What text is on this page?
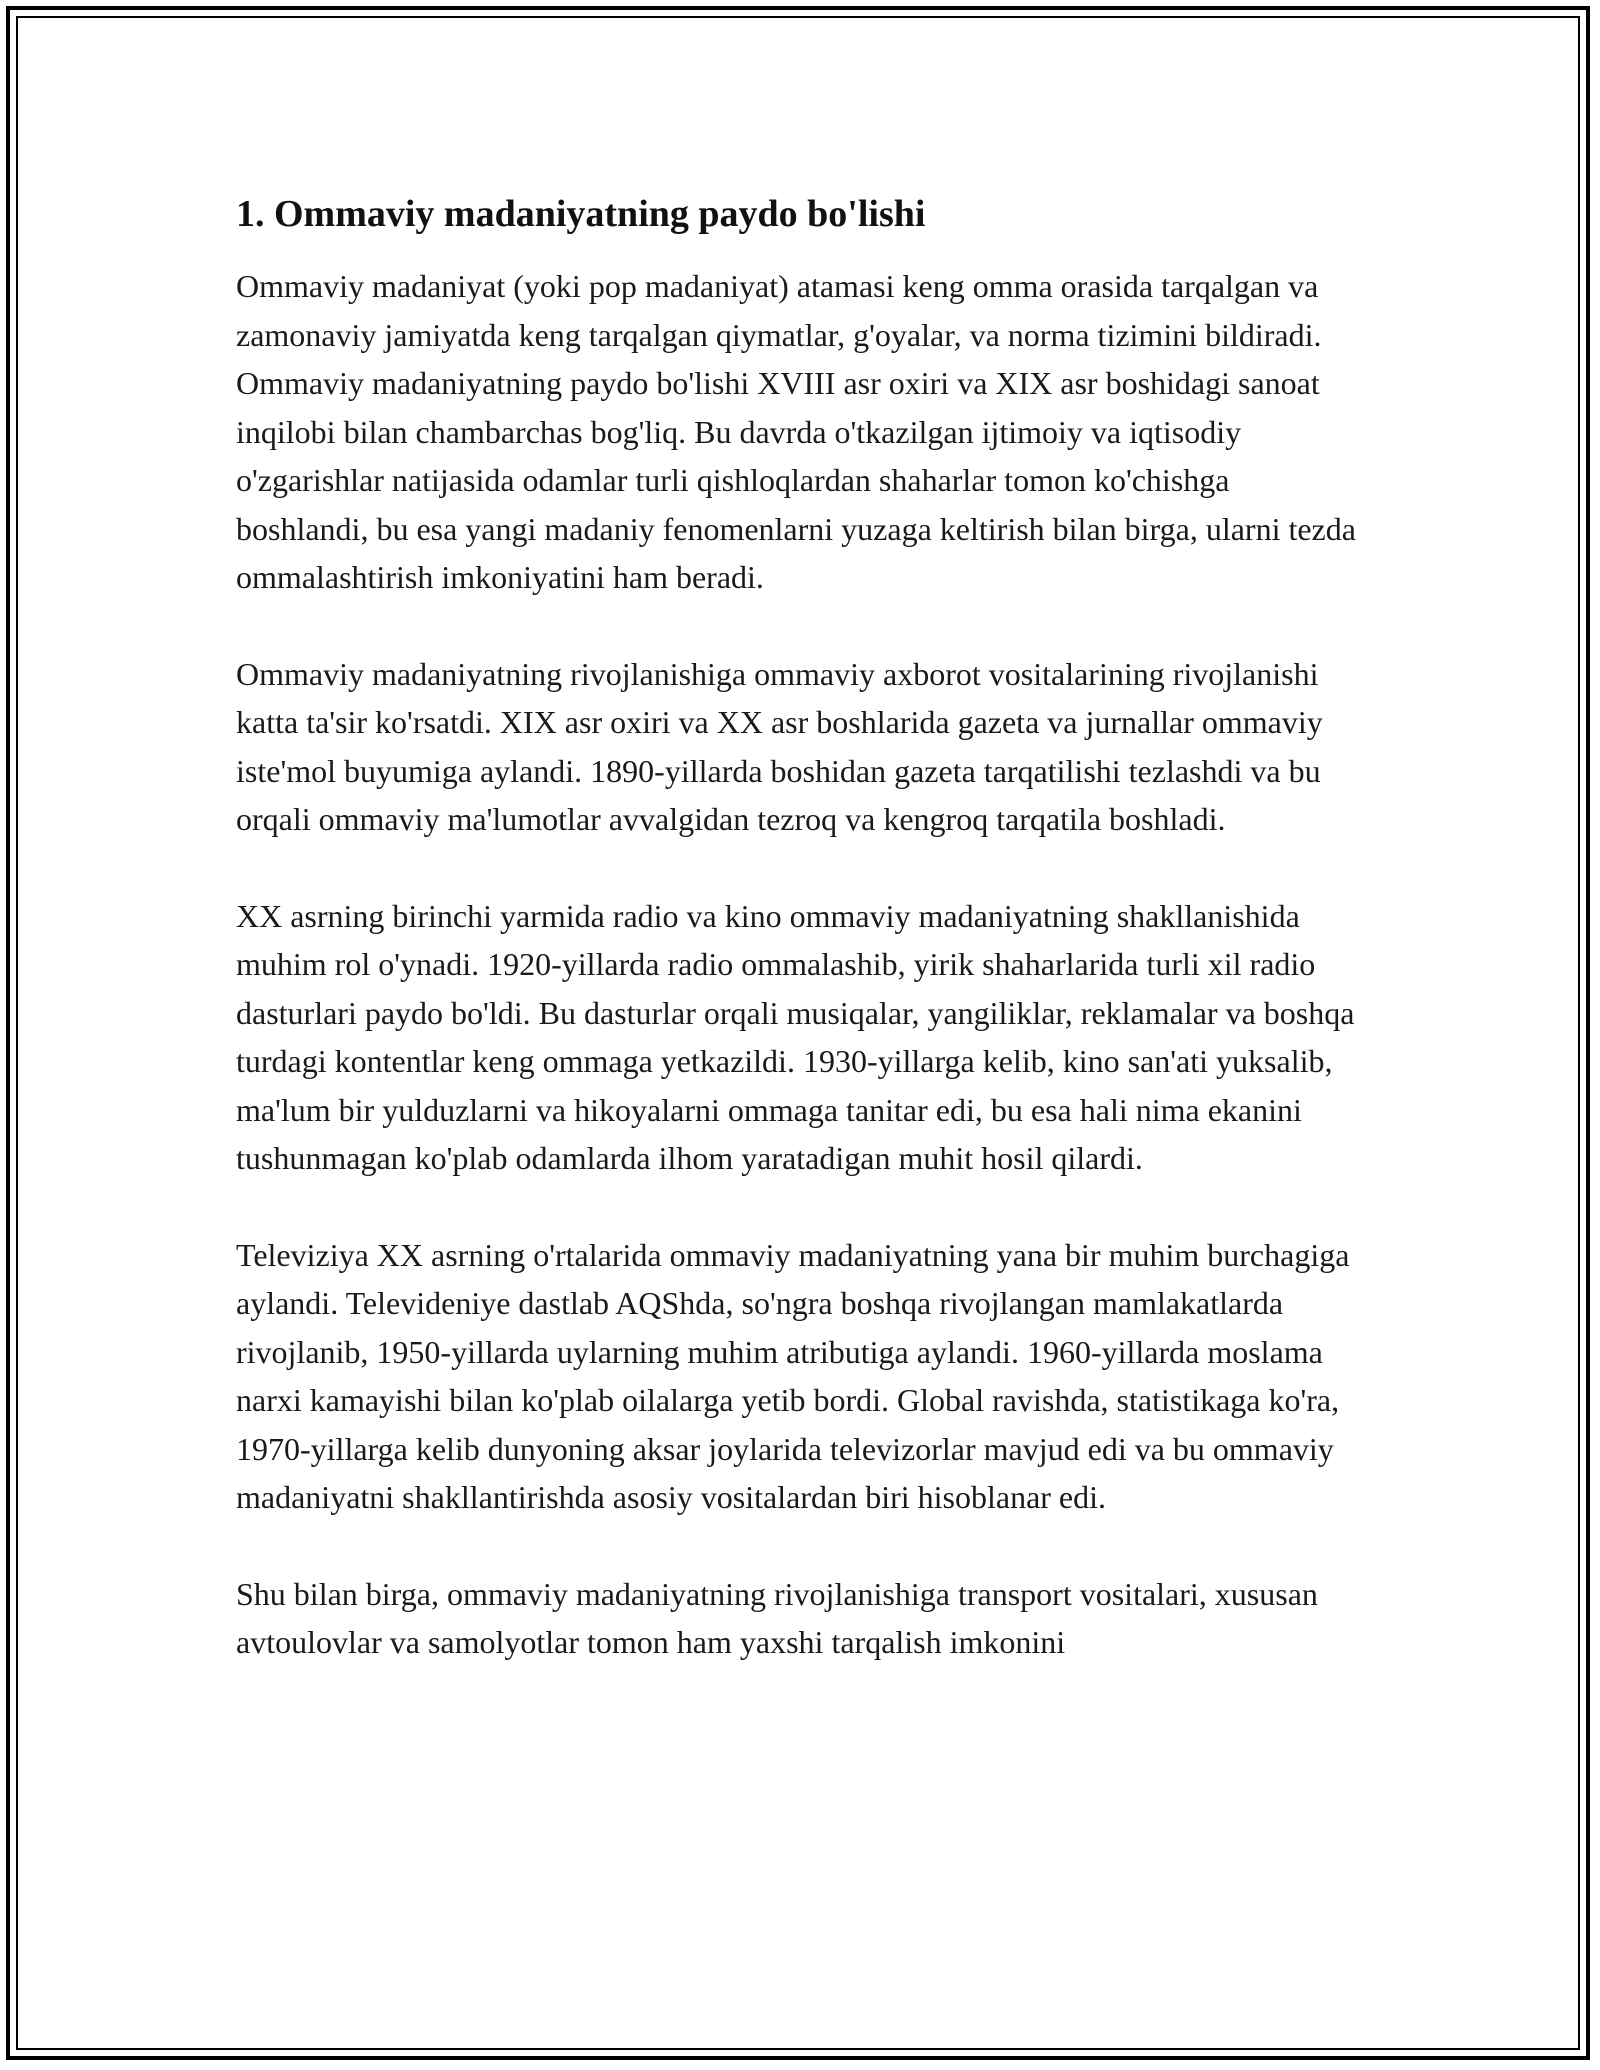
1. Ommaviy madaniyatning paydo bo'lishi

Ommaviy madaniyat (yoki pop madaniyat) atamasi keng omma orasida tarqalgan va zamonaviy jamiyatda keng tarqalgan qiymatlar, g'oyalar, va norma tizimini bildiradi. Ommaviy madaniyatning paydo bo'lishi XVIII asr oxiri va XIX asr boshidagi sanoat inqilobi bilan chambarchas bog'liq. Bu davrda o'tkazilgan ijtimoiy va iqtisodiy o'zgarishlar natijasida odamlar turli qishloqlardan shaharlar tomon ko'chishga boshlandi, bu esa yangi madaniy fenomenlarni yuzaga keltirish bilan birga, ularni tezda ommalashtirish imkoniyatini ham beradi.

Ommaviy madaniyatning rivojlanishiga ommaviy axborot vositalarining rivojlanishi katta ta'sir ko'rsatdi. XIX asr oxiri va XX asr boshlarida gazeta va jurnallar ommaviy iste'mol buyumiga aylandi. 1890-yillarda boshidan gazeta tarqatilishi tezlashdi va bu orqali ommaviy ma'lumotlar avvalgidan tezroq va kengroq tarqatila boshladi.

XX asrning birinchi yarmida radio va kino ommaviy madaniyatning shakllanishida muhim rol o'ynadi. 1920-yillarda radio ommalashib, yirik shaharlarida turli xil radio dasturlari paydo bo'ldi. Bu dasturlar orqali musiqalar, yangiliklar, reklamalar va boshqa turdagi kontentlar keng ommaga yetkazildi. 1930-yillarga kelib, kino san'ati yuksalib, ma'lum bir yulduzlarni va hikoyalarni ommaga tanitar edi, bu esa hali nima ekanini tushunmagan ko'plab odamlarda ilhom yaratadigan muhit hosil qilardi.

Televiziya XX asrning o'rtalarida ommaviy madaniyatning yana bir muhim burchagiga aylandi. Televideniye dastlab AQShda, so'ngra boshqa rivojlangan mamlakatlarda rivojlanib, 1950-yillarda uylarning muhim atributiga aylandi. 1960-yillarda moslama narxi kamayishi bilan ko'plab oilalarga yetib bordi. Global ravishda, statistikaga ko'ra, 1970-yillarga kelib dunyoning aksar joylarida televizorlar mavjud edi va bu ommaviy madaniyatni shakllantirishda asosiy vositalardan biri hisoblanar edi.

Shu bilan birga, ommaviy madaniyatning rivojlanishiga transport vositalari, xususan avtoulovlar va samolyotlar tomon ham yaxshi tarqalish imkonini
